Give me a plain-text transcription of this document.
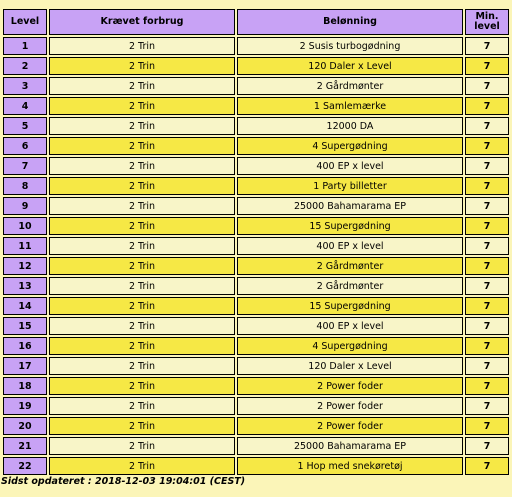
Level	Krævet forbrug	Belønning	Min. level
1	2 Trin	2 Susis turbogødning	7
2	2 Trin	120 Daler x Level	7
3	2 Trin	2 Gårdmønter	7
4	2 Trin	1 Samlemærke	7
5	2 Trin	12000 DA	7
6	2 Trin	4 Supergødning	7
7	2 Trin	400 EP x level	7
8	2 Trin	1 Party billetter	7
9	2 Trin	25000 Bahamarama EP	7
10	2 Trin	15 Supergødning	7
11	2 Trin	400 EP x level	7
12	2 Trin	2 Gårdmønter	7
13	2 Trin	2 Gårdmønter	7
14	2 Trin	15 Supergødning	7
15	2 Trin	400 EP x level	7
16	2 Trin	4 Supergødning	7
17	2 Trin	120 Daler x Level	7
18	2 Trin	2 Power foder	7
19	2 Trin	2 Power foder	7
20	2 Trin	2 Power foder	7
21	2 Trin	25000 Bahamarama EP	7
22	2 Trin	1 Hop med snekøretøj	7
Sidst opdateret : 2018-12-03 19:04:01 (CEST)
